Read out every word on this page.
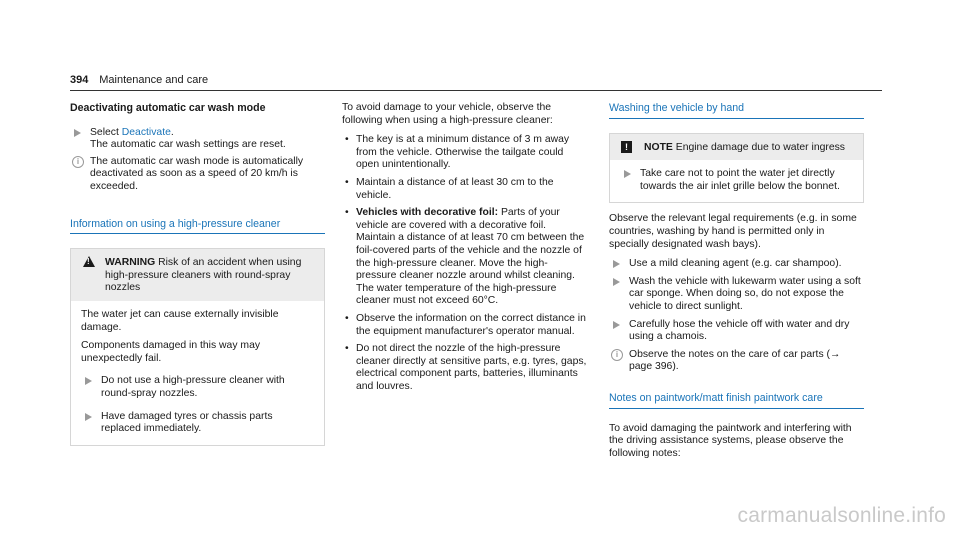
394 Maintenance and care
Deactivating automatic car wash mode
Select Deactivate.
The automatic car wash settings are reset.
i	The automatic car wash mode is automatically deactivated as soon as a speed of 20 km/h is exceeded.
Information on using a high-pressure cleaner
!
WARNING Risk of an accident when using high-pressure cleaners with round-spray nozzles

The water jet can cause externally invisible damage.

Components damaged in this way may unexpectedly fail.

Do not use a high-pressure cleaner with round-spray nozzles.
Have damaged tyres or chassis parts replaced immediately.

To avoid damage to your vehicle, observe the following when using a high-pressure cleaner:

• The key is at a minimum distance of 3 m away from the vehicle. Otherwise the tailgate could open unintentionally.
• Maintain a distance of at least 30 cm to the vehicle.
• Vehicles with decorative foil: Parts of your vehicle are covered with a decorative foil. Maintain a distance of at least 70 cm between the foil-covered parts of the vehicle and the nozzle of the high-pressure cleaner. Move the high-pressure cleaner nozzle around whilst cleaning. The water temperature of the high-pressure cleaner must not exceed 60°C.
• Observe the information on the correct distance in the equipment manufacturer's operator manual.
• Do not direct the nozzle of the high-pressure cleaner directly at sensitive parts, e.g. tyres, gaps, electrical component parts, batteries, illuminants and louvres.
Washing the vehicle by hand
!	NOTE Engine damage due to water ingress
Take care not to point the water jet directly towards the air inlet grille below the bonnet.

Observe the relevant legal requirements (e.g. in some countries, washing by hand is permitted only in specially designated wash bays).

Use a mild cleaning agent (e.g. car shampoo).
Wash the vehicle with lukewarm water using a soft car sponge. When doing so, do not expose the vehicle to direct sunlight.
Carefully hose the vehicle off with water and dry using a chamois.
i	Observe the notes on the care of car parts (→ page 396).
Notes on paintwork/matt finish paintwork care

To avoid damaging the paintwork and interfering with the driving assistance systems, please observe the following notes:

carmanualsonline.info
